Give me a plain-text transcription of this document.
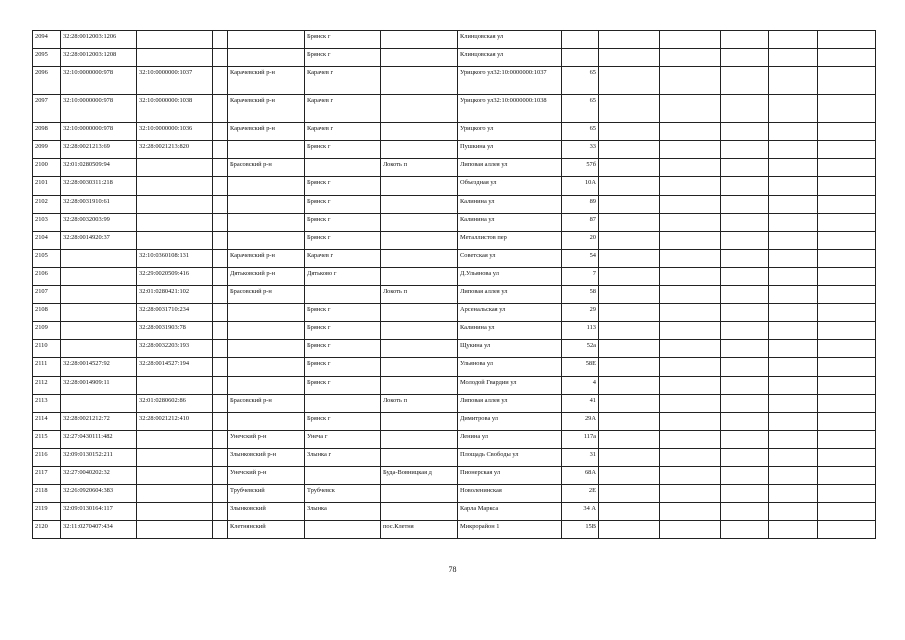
2094	32:28:0012003:1206				Брянск г		Клинцовская ул						
2095	32:28:0012003:1208				Брянск г		Клинцовская ул						
2096	32:10:0000000:978	32:10:0000000:1037		Карачевский р-н	Карачев г		Урицкого ул32:10:0000000:1037	65					
2097	32:10:0000000:978	32:10:0000000:1038		Карачевский р-н	Карачев г		Урицкого ул32:10:0000000:1038	65					
2098	32:10:0000000:978	32:10:0000000:1036		Карачевский р-н	Карачев г		Урицкого ул	65					
2099	32:28:0021213:69	32:28:0021213:820			Брянск г		Пушкина ул	33					
2100	32:01:0280509:94			Брасовский р-н		Локоть п	Липовая аллея ул	57б					
2101	32:28:0030311:218				Брянск г		Объездная ул	10А					
2102	32:28:0031910:61				Брянск г		Калинина ул	89					
2103	32:28:0032003:99				Брянск г		Калинина ул	87					
2104	32:28:0014920:37				Брянск г		Металлистов пер	20					
2105		32:10:0360108:131		Карачевский р-н	Карачев г		Советская ул	54					
2106		32:29:0020509:416		Дятьковский р-н	Дятьково г		Д.Ульянова ул	7					
2107		32:01:0280421:102		Брасовский р-н		Локоть п	Липовая аллея ул	58					
2108		32:28:0031710:234			Брянск г		Арсенальская ул	29					
2109		32:28:0031903:78			Брянск г		Калинина ул	113					
2110		32:28:0032203:193			Брянск г		Щукина ул	52а					
2111	32:28:0014527:92	32:28:0014527:194			Брянск г		Ульянова ул	58Е					
2112	32:28:0014909:11				Брянск г		Молодой Гвардии ул	4					
2113		32:01:0280602:86		Брасовский р-н		Локоть п	Липовая аллея ул	41					
2114	32:28:0021212:72	32:28:0021212:410			Брянск г		Димитрова ул	29А					
2115	32:27:0430111:482			Унечский р-н	Унеча г		Ленина ул	117а					
2116	32:09:0130152:211			Злынковский р-н	Злынка г		Площадь Свободы ул	31					
2117	32:27:0040202:32			Унечский р-н		Буда-Вовницкая д	Пионерская ул	68А					
2118	32:26:0920604:383			Трубчевский	Трубчевск		Новоленинская	2Е					
2119	32:09:0130164:117			Злынковский	Злынка		Карла Маркса	34 А					
2120	32:11:0270407:434			Клетнянский		пос.Клетня	Микрорайон 1	15В					
78
